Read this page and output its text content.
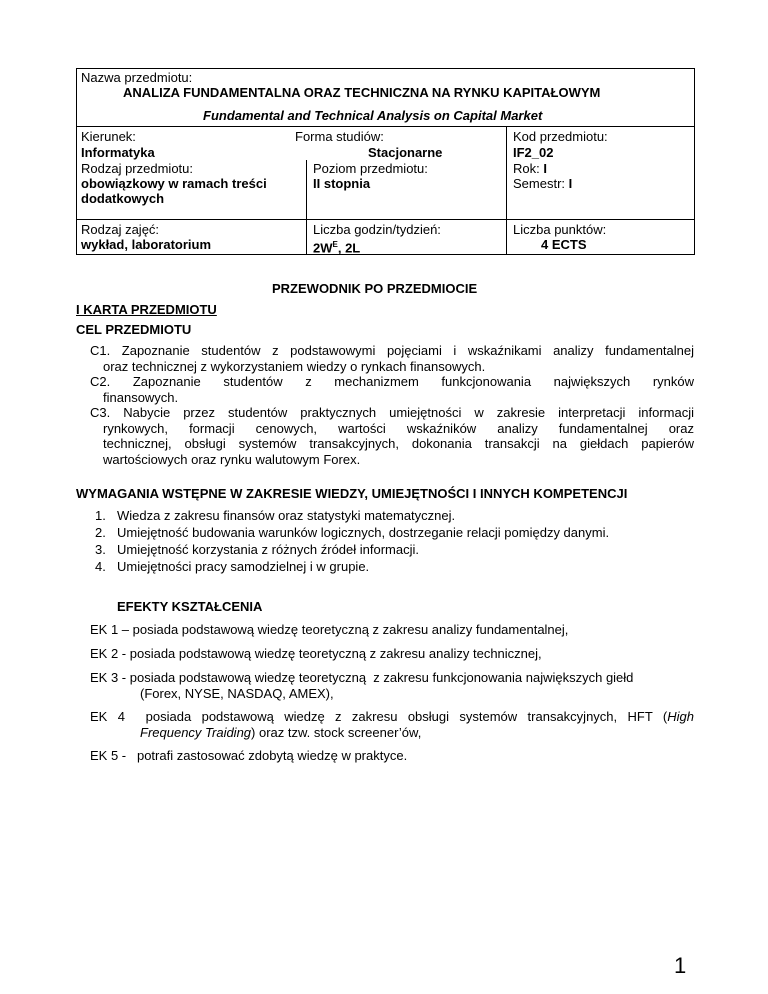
Nazwa przedmiotu:
ANALIZA FUNDAMENTALNA ORAZ TECHNICZNA NA RYNKU KAPITAŁOWYM
Fundamental and Technical Analysis on Capital Market
Kierunek:
Informatyka
Forma studiów:
Stacjonarne
Kod przedmiotu:
IF2_02
Rodzaj przedmiotu:
obowiązkowy w ramach treści
dodatkowych
Poziom przedmiotu:
II stopnia
Rok: I
Semestr: I
Rodzaj zajęć:
wykład, laboratorium
Liczba godzin/tydzień:
$2W^E$, 2L
Liczba punktów:
4 ECTS
PRZEWODNIK PO PRZEDMIOCIE
I KARTA PRZEDMIOTU
CEL PRZEDMIOTU
C1. Zapoznanie studentów z podstawowymi pojęciami i wskaźnikami analizy fundamentalnej
oraz technicznej z wykorzystaniem wiedzy o rynkach finansowych.
C2.  Zapoznanie  studentów  z  mechanizmem  funkcjonowania  największych  rynków
finansowych.
C3. Nabycie przez studentów praktycznych umiejętności w zakresie interpretacji informacji
rynkowych,  formacji  cenowych,  wartości  wskaźników  analizy  fundamentalnej  oraz
technicznej, obsługi systemów transakcyjnych, dokonania transakcji na giełdach papierów
wartościowych oraz rynku walutowym Forex.
WYMAGANIA WSTĘPNE W ZAKRESIE WIEDZY, UMIEJĘTNOŚCI I INNYCH KOMPETENCJI
1. Wiedza z zakresu finansów oraz statystyki matematycznej.
2. Umiejętność budowania warunków logicznych, dostrzeganie relacji pomiędzy danymi.
3. Umiejętność korzystania z różnych źródeł informacji.
4. Umiejętności pracy samodzielnej i w grupie.
EFEKTY KSZTAŁCENIA
EK 1 – posiada podstawową wiedzę teoretyczną z zakresu analizy fundamentalnej,
EK 2 - posiada podstawową wiedzę teoretyczną z zakresu analizy technicznej,
EK 3 - posiada podstawową wiedzę teoretyczną  z zakresu funkcjonowania największych giełd
(Forex, NYSE, NASDAQ, AMEX),
EK 4  posiada podstawową wiedzę z zakresu obsługi systemów transakcyjnych, HFT (High
Frequency Traiding) oraz tzw. stock screener’ów,
EK 5 -   potrafi zastosować zdobytą wiedzę w praktyce.
1
